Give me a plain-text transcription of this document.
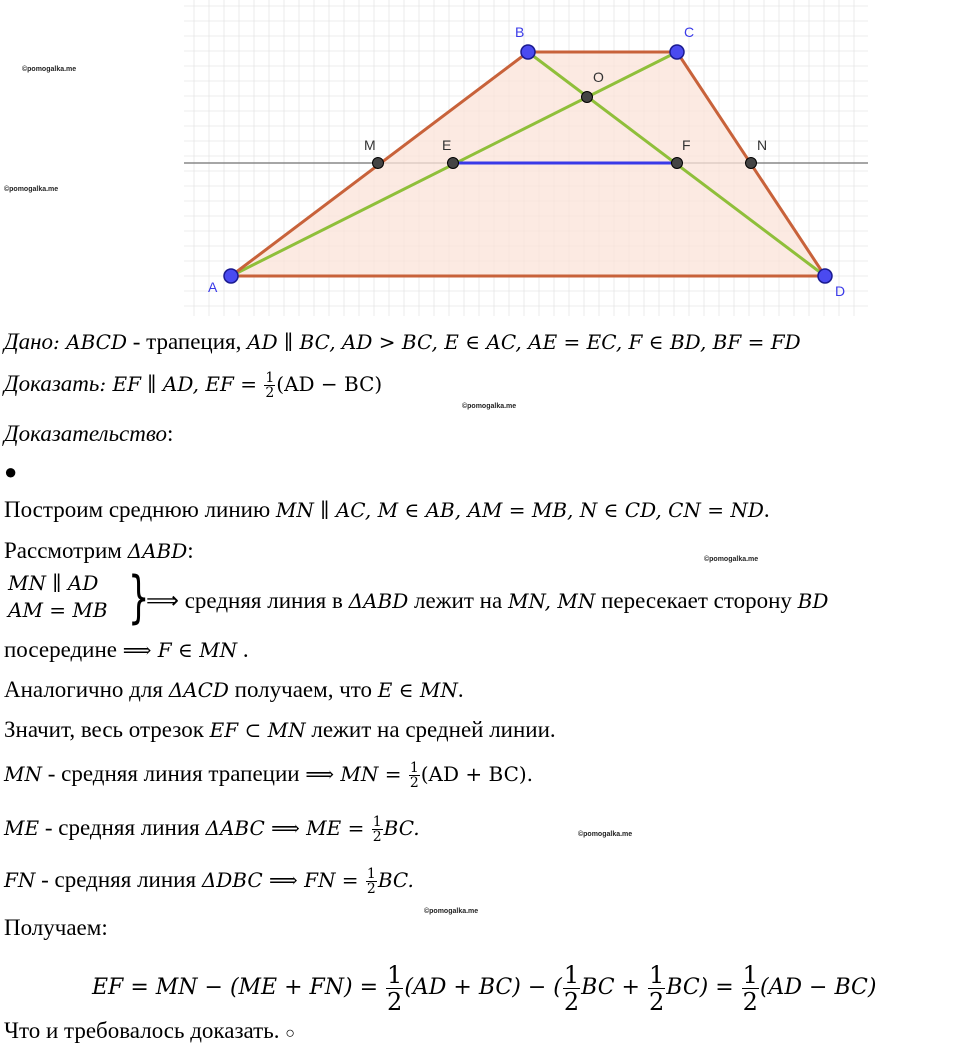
©pomogalka.me
©pomogalka.me
©pomogalka.me
©pomogalka.me
©pomogalka.me
©pomogalka.me
A
B	C
D
O
M	E	F	N
Дано: ABCD - трапеция, AD ∥ BC, AD > BC, E ∈ AC, AE = EC, F ∈ BD, BF = FD
Доказать: EF ∥ AD, EF = $\frac{1}{2} (AD - BC)$
Доказательство:
●
Построим среднюю линию MN ∥ AC, M ∈ AB, AM = MB, N ∈ CD, CN = ND.
Рассмотрим ΔABD:
MN ∥ AD
AM = MB }
⟹ средняя линия в ΔABD лежит на MN, MN пересекает сторону BD
посередине ⟹ F ∈ MN .
Аналогично для ΔACD получаем, что E ∈ MN.
Значит, весь отрезок EF ⊂ MN лежит на средней линии.
MN - средняя линия трапеции ⟹ MN = $\frac{1}{2} (AD + BC)$.
ME - средняя линия ΔABC ⟹ ME = $\frac{1}{2}$ BC.
FN - средняя линия ΔDBC ⟹ FN = $\frac{1}{2}$ BC.
Получаем:
EF = MN − $(ME + FN) = \frac{1}{2} (AD + BC)$ − ( $\frac{1}{2}$ BC + $\frac{1}{2} BC) = \frac{1}{2} (AD - BC)$
Что и требовалось доказать. ○
